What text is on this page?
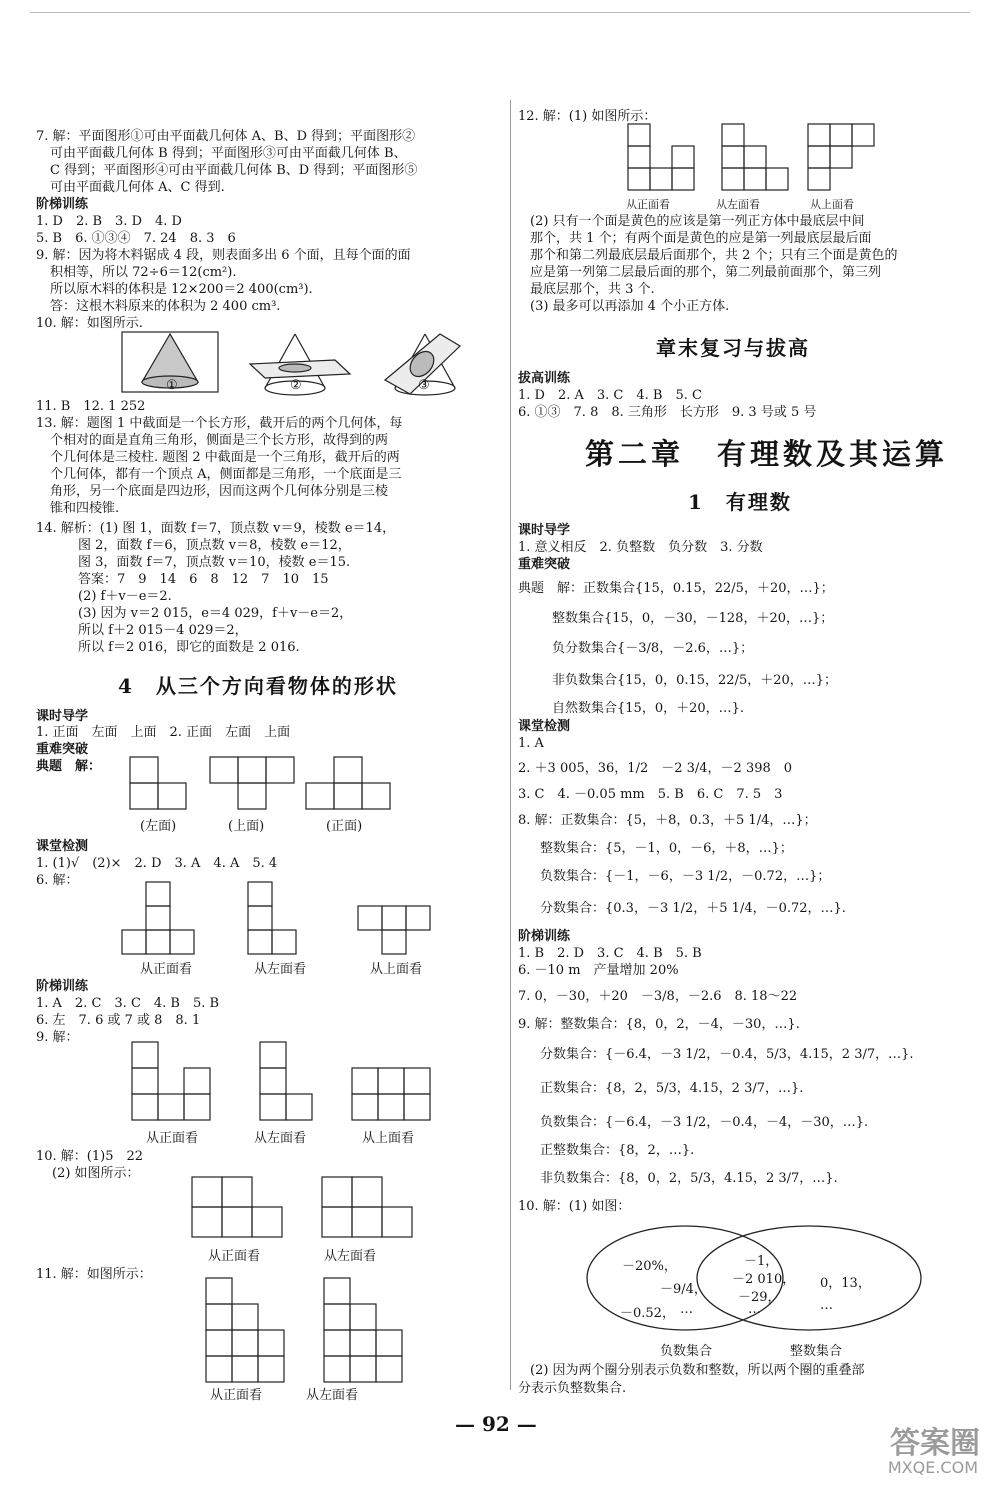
7. 解：平面图形①可由平面截几何体 A、B、D 得到；平面图形②
可由平面截几何体 B 得到；平面图形③可由平面截几何体 B、
C 得到；平面图形④可由平面截几何体 B、D 得到；平面图形⑤
可由平面截几何体 A、C 得到.
阶梯训练
1. D　2. B　3. D　4. D
5. B　6. ①③④　7. 24　8. 3　6
9. 解：因为将木料锯成 4 段，则表面多出 6 个面，且每个面的面
积相等，所以 72÷6＝12(cm²).
所以原木料的体积是 12×200＝2 400(cm³).
答：这根木料原来的体积为 2 400 cm³.
10. 解：如图所示.
①	②	③
11. B　12. 1 252
13. 解：题图 1 中截面是一个长方形，截开后的两个几何体，每
个相对的面是直角三角形，侧面是三个长方形，故得到的两
个几何体是三棱柱. 题图 2 中截面是一个三角形，截开后的两
个几何体，都有一个顶点 A，侧面都是三角形，一个底面是三
角形，另一个底面是四边形，因而这两个几何体分别是三棱
锥和四棱锥.
14. 解析：(1) 图 1，面数 f＝7，顶点数 v＝9，棱数 e＝14，
图 2，面数 f＝6，顶点数 v＝8，棱数 e＝12，
图 3，面数 f＝7，顶点数 v＝10，棱数 e＝15.
答案：7　9　14　6　8　12　7　10　15
(2) f＋v－e＝2.
(3) 因为 v＝2 015，e＝4 029，f＋v－e＝2，
所以 f＋2 015－4 029＝2，
所以 f＝2 016，即它的面数是 2 016.
4　从三个方向看物体的形状
课时导学
1. 正面　左面　上面　2. 正面　左面　上面
重难突破
典题　解：
(左面)	(上面)	(正面)
课堂检测
1. (1)√　(2)×　2. D　3. A　4. A　5. 4
6. 解：
从正面看	从左面看	从上面看
阶梯训练
1. A　2. C　3. C　4. B　5. B
6. 左　7. 6 或 7 或 8　8. 1
9. 解：
从正面看	从左面看	从上面看
10. 解：(1)5　22
(2) 如图所示：
从正面看	从左面看
11. 解：如图所示：
从正面看	从左面看
12. 解：(1) 如图所示：
从正面看	从左面看	从上面看
(2) 只有一个面是黄色的应该是第一列正方体中最底层中间
那个，共 1 个；有两个面是黄色的应是第一列最底层最后面
那个和第二列最底层最后面那个，共 2 个；只有三个面是黄色的
应是第一列第二层最后面的那个，第二列最前面那个，第三列
最底层那个，共 3 个.
(3) 最多可以再添加 4 个小正方体.
章末复习与拔高
拔高训练
1. D　2. A　3. C　4. B　5. C
6. ①③　7. 8　8. 三角形　长方形　9. 3 号或 5 号
第二章　有理数及其运算
1　有理数
课时导学
1. 意义相反　2. 负整数　负分数　3. 分数
重难突破
典题　解：正数集合{15，0.15，22/5，＋20，…}；
整数集合{15，0，－30，－128，＋20，…}；
负分数集合{－3/8，－2.6，…}；
非负数集合{15，0，0.15，22/5，＋20，…}；
自然数集合{15，0，＋20，…}.
课堂检测
1. A
2. ＋3 005，36，1/2　－2 3/4，－2 398　0
3. C　4. －0.05 mm　5. B　6. C　7. 5　3
8. 解：正数集合：{5，＋8，0.3，＋5 1/4，…}；
整数集合：{5，－1，0，－6，＋8，…}；
负数集合：{－1，－6，－3 1/2，－0.72，…}；
分数集合：{0.3，－3 1/2，＋5 1/4，－0.72，…}.
阶梯训练
1. B　2. D　3. C　4. B　5. B
6. －10 m　产量增加 20%
7. 0，－30，＋20　－3/8，－2.6　8. 18～22
9. 解：整数集合：{8，0，2，－4，－30，…}.
分数集合：{－6.4，－3 1/2，－0.4，5/3，4.15，2 3/7，…}.
正数集合：{8，2，5/3，4.15，2 3/7，…}.
负数集合：{－6.4，－3 1/2，－0.4，－4，－30，…}.
正整数集合：{8，2，…}.
非负数集合：{8，0，2，5/3，4.15，2 3/7，…}.
10. 解：(1) 如图：
－20%，
－9/4，
－0.52， …
－1，
－2 010，
－29，
…
0，13，
…
负数集合	整数集合
(2) 因为两个圈分别表示负数和整数，所以两个圈的重叠部
分表示负整数集合.
— 92 —
答案圈
MXQE.COM
